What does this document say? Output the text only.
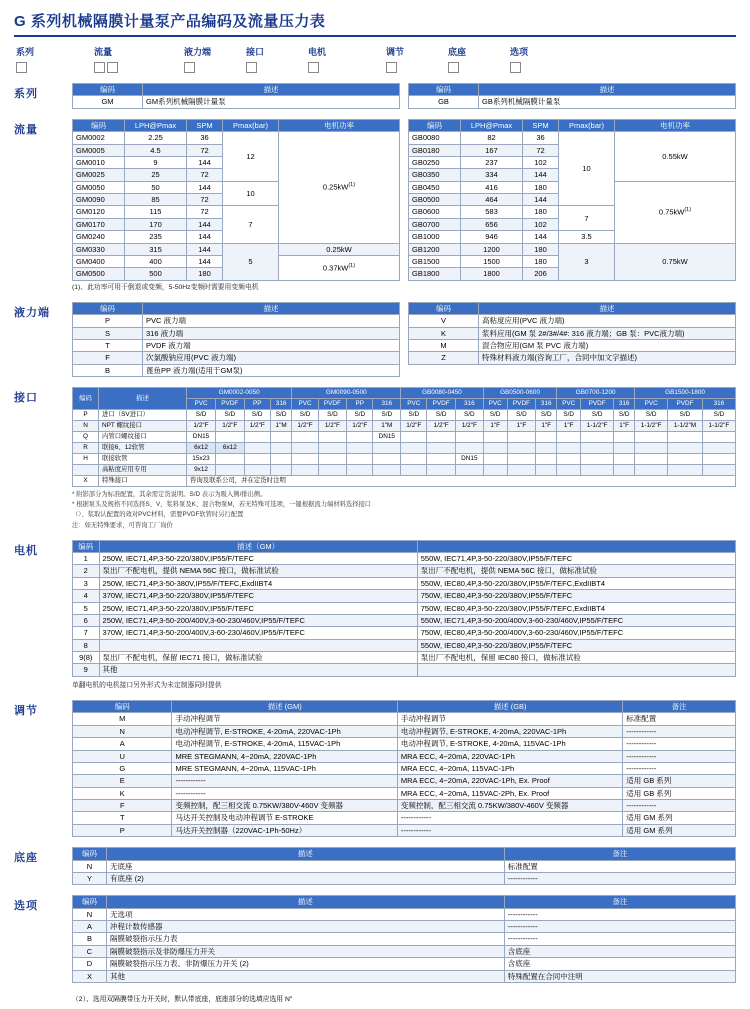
G 系列机械隔膜计量泵产品编码及流量压力表
系列	流量	液力端	接口	电机	调节	底座	选项
系列	编码	描述
GM	GM系列机械隔膜计量泵
编码	描述
GB	GB系列机械隔膜计量泵
流量	编码	LPH@Pmax	SPM	Pmax(bar)	电机功率
GM0002	2.25	36	12	$0.25kW^{(1)}$
GM0005	4.5	72		
GM0010	9	144		
GM0025	25	72		
GM0050	50	144	10	
GM0090	85	72		
GM0120	115	72	7	
GM0170	170	144		
GM0240	235	144		
GM0330	315	144	5	0.25kW
GM0400	400	144		$0.37kW^{(1)}$
GM0500	500	180		
(1)、此功率可用于倒退或变频，5-50Hz变频时需要用变频电机
编码	LPH@Pmax	SPM	Pmax(bar)	电机功率
GB0080	82	36	10	0.55kW
GB0180	167	72		
GB0250	237	102		
GB0350	334	144		
GB0450	416	180		$0.75kW^{(1)}$
GB0500	464	144		
GB0600	583	180	7	
GB0700	656	102		
GB1000	946	144	3.5	
GB1200	1200	180	3	0.75kW
GB1500	1500	180		
GB1800	1800	206		
液力端	编码	描述
P	PVC 液力端
S	316 液力端
T	PVDF 液力端
F	次氯酸钠应用(PVC 液力端)
B	蓖鱼PP 液力端(适用于GM泵)
编码	描述
V	高粘度应用(PVC 液力端)
K	浆料应用(GM 泵 2#/3#/4#: 316 液力端；GB 泵：PVC液力端)
M	混合物应用(GM 泵 PVC 液力端)
Z	特殊材料液力端(咨询工厂，合同中加文字描述)
接口	编码	描述	GM0002-0050				GM0090-0500				GB0080-0450			GB0500-0600			GB0700-1200			GB1500-1800		
		PVC	PVDF	PP	316	PVC	PVDF	PP	316	PVC	PVDF	316	PVC	PVDF	316	PVC	PVDF	316	PVC	PVDF	316
P	进口（SV进口）	S/D	S/D	S/D	S/D	S/D	S/D	S/D	S/D	S/D	S/D	S/D	S/D	S/D	S/D	S/D	S/D	S/D	S/D	S/D	S/D
N	NPT 螺纹接口	1/2"F	1/2"F	1/2"F	1"M	1/2"F	1/2"F	1/2"F	1"M	1/2"F	1/2"F	1/2"F	1"F	1"F	1"F	1"F	1-1/2"F	1"F	1-1/2"F	1-1/2"M	1-1/2"F
Q	内管口螺纹接口	DN15							DN15												
R	联接6、12软管	6x12	6x12																		
H	联接软管	15x23										DN15									
	高粘度应用专用	9x12																			
X	特殊接口	咨询及联系公司，并在定货时注明																			
* 附影部分为标准配置，其余需定货说明。S/D 表示为吸入侧/排出侧。
* 根据泵头及规格不同选择S、V，浆料泵及K、混合物泵M，若无特殊可选项，一键根据流力端材料选择接口
（）、浆取认配置的效对PVC材料，需要PVDF软管时另行配置
注：如无特殊要求，可咨询工厂询价
电机	编码	描述（GM）	
1	250W, IEC71,4P,3-50-220/380V,IP55/F/TEFC	550W, IEC71,4P,3-50-220/380V,IP55/F/TEFC
2	泵出厂不配电机，提供 NEMA 56C 接口，做标准试验	泵出厂不配电机，提供 NEMA 56C 接口，做标准试验
3	250W, IEC71,4P,3-50-380V,IP55/F/TEFC,ExdIIBT4	550W, IEC80,4P,3-50-220/380V,IP55/F/TEFC,ExdIIBT4
4	370W, IEC71,4P,3-50-220/380V,IP55/F/TEFC	750W, IEC80,4P,3-50-220/380V,IP55/F/TEFC
5	250W, IEC71,4P,3-50-220/380V,IP55/F/TEFC	750W, IEC80,4P,3-50-220/380V,IP55/F/TEFC,ExdIIBT4
6	250W, IEC71,4P,3-50-200/400V,3-60-230/460V,IP55/F/TEFC	550W, IEC71,4P,3-50-200/400V,3-60-230/460V,IP55/F/TEFC
7	370W, IEC71,4P,3-50-200/400V,3-60-230/460V,IP55/F/TEFC	750W, IEC80,4P,3-50-200/400V,3-60-230/460V,IP55/F/TEFC
8		550W, IEC80,4P,3-50-220/380V,IP55/F/TEFC
9(8)	泵出厂不配电机，保留 IEC71 接口，做标准试验	泵出厂不配电机，保留 IEC80 接口，做标准试验
9	其他	
单翻电机的电机接口另外形式为未定制器同时提供
调节	编码	描述 (GM)	描述 (GB)	备注
M	手动冲程调节	手动冲程调节	标准配置
N	电动冲程调节, E-STROKE, 4-20mA, 220VAC-1Ph	电动冲程调节, E-STROKE, 4-20mA, 220VAC-1Ph	------------
A	电动冲程调节, E-STROKE, 4-20mA, 115VAC-1Ph	电动冲程调节, E-STROKE, 4-20mA, 115VAC-1Ph	------------
U	MRE STEGMANN, 4~20mA, 220VAC-1Ph	MRA ECC, 4~20mA, 220VAC-1Ph	------------
G	MRE STEGMANN, 4~20mA, 115VAC-1Ph	MRA ECC, 4~20mA, 115VAC-1Ph	------------
E	------------	MRA ECC, 4~20mA, 220VAC-1Ph, Ex. Proof	适用 GB 系列
K	------------	MRA ECC, 4~20mA, 115VAC-2Ph, Ex. Proof	适用 GB 系列
F	变频控制，配三相交流 0.75KW/380V-460V 变频器	变频控制，配三相交流 0.75KW/380V-460V 变频器	------------
T	马达开关控制及电动冲程调节 E-STROKE	------------	适用 GM 系列
P	马达开关控制器（220VAC-1Ph-50Hz）	------------	适用 GM 系列
底座	编码	描述	备注
N	无底座	标准配置
Y	有底座 (2)	------------
选项	编码	描述	备注
N	无选项	------------
A	冲程计数传感器	------------
B	隔膜破裂指示压力表	------------
C	隔膜破裂指示及非防爆压力开关	含底座
D	隔膜破裂指示压力表、非防爆压力开关 (2)	含底座
X	其他	特殊配置在合同中注明
（2）、选用双隔膜带压力开关时，默认带底座，底座部分的选填应选用 N"
